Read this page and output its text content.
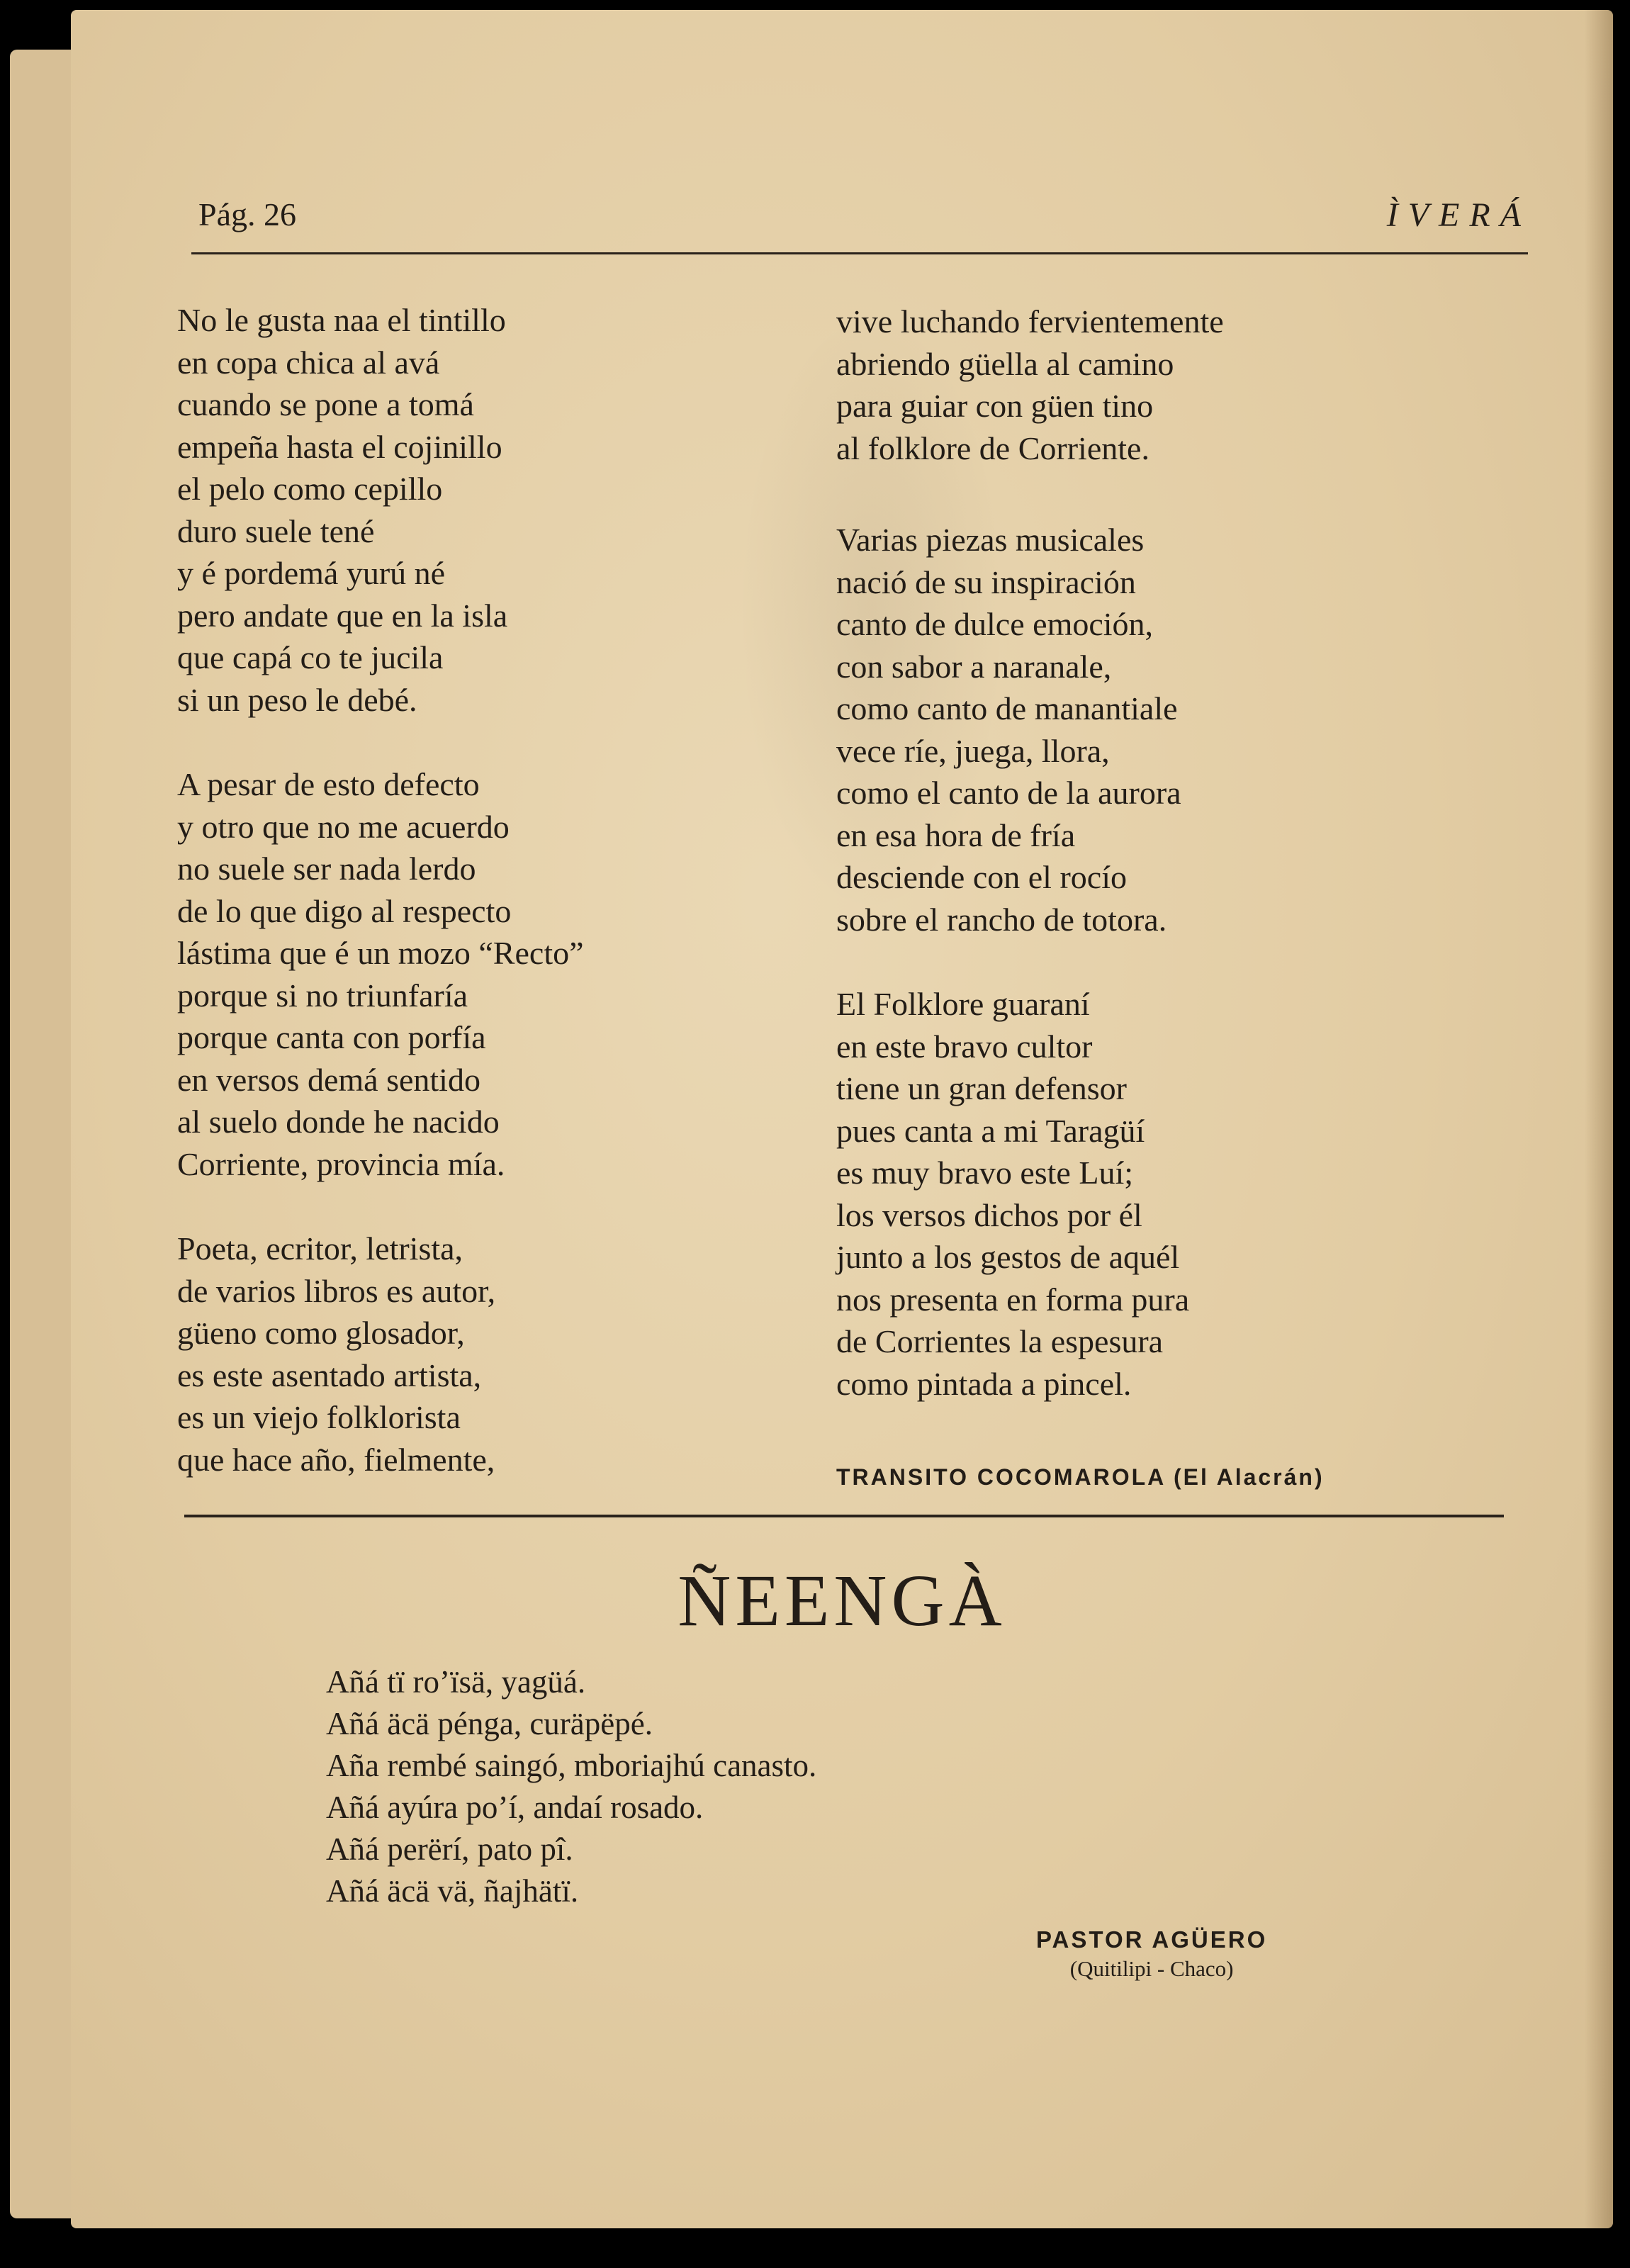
Pág. 26	ÌVERÁ
No le gusta naa el tintillo
en copa chica al avá
cuando se pone a tomá
empeña hasta el cojinillo
el pelo como cepillo
duro suele tené
y é pordemá yurú né
pero andate que en la isla
que capá co te jucila
si un peso le debé.
A pesar de esto defecto
y otro que no me acuerdo
no suele ser nada lerdo
de lo que digo al respecto
lástima que é un mozo “Recto”
porque si no triunfaría
porque canta con porfía
en versos demá sentido
al suelo donde he nacido
Corriente, provincia mía.
Poeta, ecritor, letrista,
de varios libros es autor,
güeno como glosador,
es este asentado artista,
es un viejo folklorista
que hace año, fielmente,
vive luchando fervientemente
abriendo güella al camino
para guiar con güen tino
al folklore de Corriente.
Varias piezas musicales
nació de su inspiración
canto de dulce emoción,
con sabor a naranale,
como canto de manantiale
vece ríe, juega, llora,
como el canto de la aurora
en esa hora de fría
desciende con el rocío
sobre el rancho de totora.
El Folklore guaraní
en este bravo cultor
tiene un gran defensor
pues canta a mi Taragüí
es muy bravo este Luí;
los versos dichos por él
junto a los gestos de aquél
nos presenta en forma pura
de Corrientes la espesura
como pintada a pincel.
TRANSITO COCOMAROLA (El Alacrán)
ÑEENGÀ
Añá tï ro’ïsä, yagüá.
Añá äcä pénga, curäpëpé.
Aña rembé saingó, mboriajhú canasto.
Añá ayúra po’í, andaí rosado.
Añá perërí, pato pî.
Añá äcä vä, ñajhätï.
PASTOR AGÜERO
(Quitilipi - Chaco)
